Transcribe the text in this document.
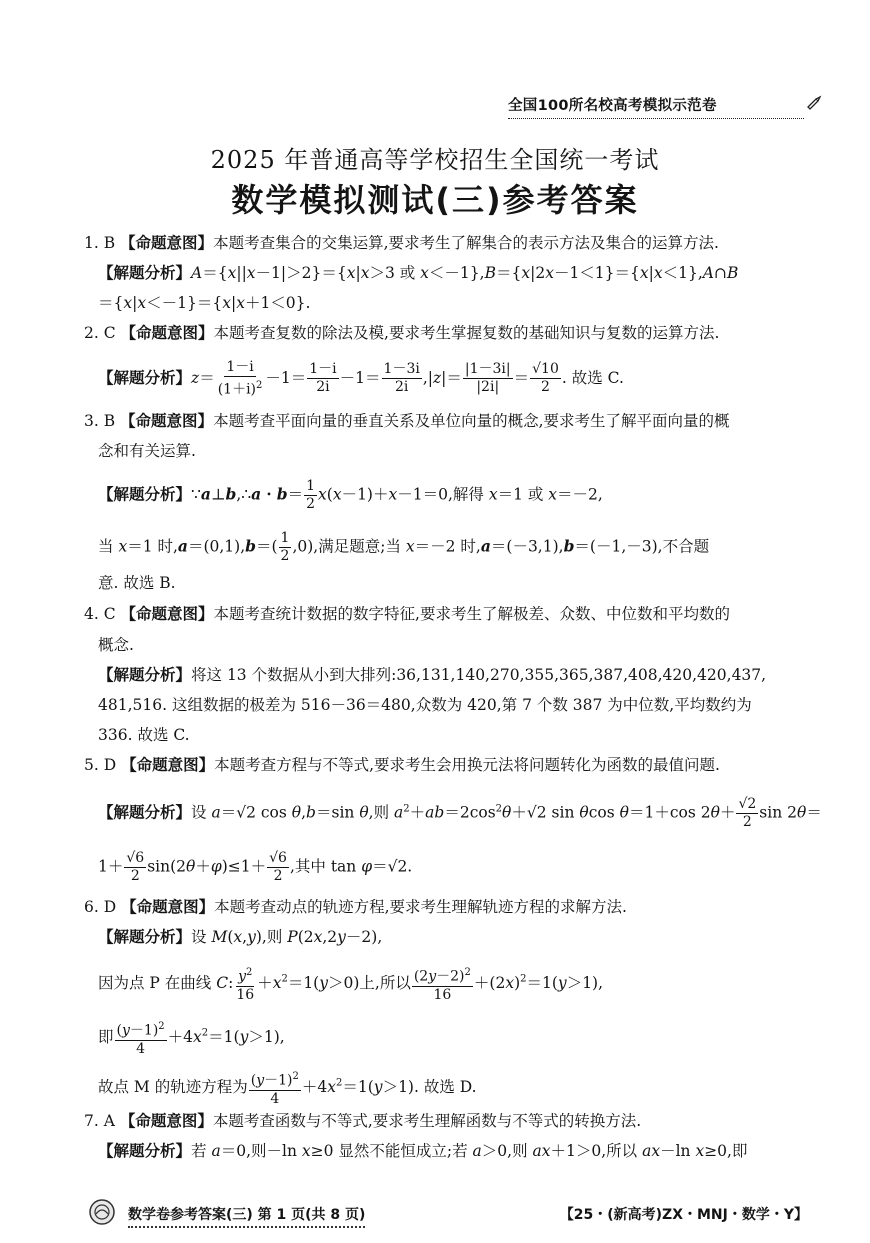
全国100所名校高考模拟示范卷
2025 年普通高等学校招生全国统一考试
数学模拟测试(三)参考答案
1. B 【命题意图】本题考查集合的交集运算,要求考生了解集合的表示方法及集合的运算方法.
【解题分析】A＝{x||x－1|＞2}＝{x|x＞3 或 x＜－1},B＝{x|2x－1＜1}＝{x|x＜1},A∩B
＝{x|x＜－1}＝{x|x＋1＜0}.
2. C 【命题意图】本题考查复数的除法及模,要求考生掌握复数的基础知识与复数的运算方法.
【解题分析】$z= \frac{1-i}{(1+i)^2} -1= \frac{1-i}{2i} -1= \frac{1-3i}{2i} ,|z|= \frac{|1-3i|}{|2i|} = \frac{√10}{2}$ . 故选 C.
3. B 【命题意图】本题考查平面向量的垂直关系及单位向量的概念,要求考生了解平面向量的概
念和有关运算.
【解题分析】∵a⊥b,∴a・$b= \frac{1}{2} x(x-1)+x-1=0$,解得 x＝1 或 x＝－2,
当 x＝1 时$,a=(0,1),b=( \frac{1}{2} ,0)$,满足题意;当 x＝－2 时,a＝(－3,1),b＝(－1,－3),不合题
意. 故选 B.
4. C 【命题意图】本题考查统计数据的数字特征,要求考生了解极差、众数、中位数和平均数的
概念.
【解题分析】将这 13 个数据从小到大排列:36,131,140,270,355,365,387,408,420,420,437,
481,516. 这组数据的极差为 516－36＝480,众数为 420,第 7 个数 387 为中位数,平均数约为
336. 故选 C.
5. D 【命题意图】本题考查方程与不等式,要求考生会用换元法将问题转化为函数的最值问题.
【解题分析】设 a＝√2 cos θ,b＝sin θ,则 $a^2+ab=2\cos^2\theta+√2$ sin θcos θ＝1＋cos $2\theta+ \frac{√2}{2}$ sin 2θ＝
$1+ \frac{√6}{2} \sin(2\theta+\varphi)\le 1+ \frac{√6}{2}$ ,其中 tan φ＝√2.
6. D 【命题意图】本题考查动点的轨迹方程,要求考生理解轨迹方程的求解方法.
【解题分析】设 M(x,y),则 P(2x,2y－2),
因为点 P 在曲线 C: $\frac{y^2}{16} +x^2=1(y>0)$上,所以 $\frac{(2y-2)^2}{16} +(2x)^2=1(y>1)$,
即 $\frac{(y-1)^2}{4} +4x^2=1(y>1)$,
故点 M 的轨迹方程为 $\frac{(y-1)^2}{4} +4x^2=1(y>1)$. 故选 D.
7. A 【命题意图】本题考查函数与不等式,要求考生理解函数与不等式的转换方法.
【解题分析】若 a＝0,则－ln x≥0 显然不能恒成立;若 a＞0,则 ax＋1＞0,所以 ax－ln x≥0,即
数学卷参考答案(三) 第 1 页(共 8 页)	【25・(新高考)ZX・MNJ・数学・Y】
